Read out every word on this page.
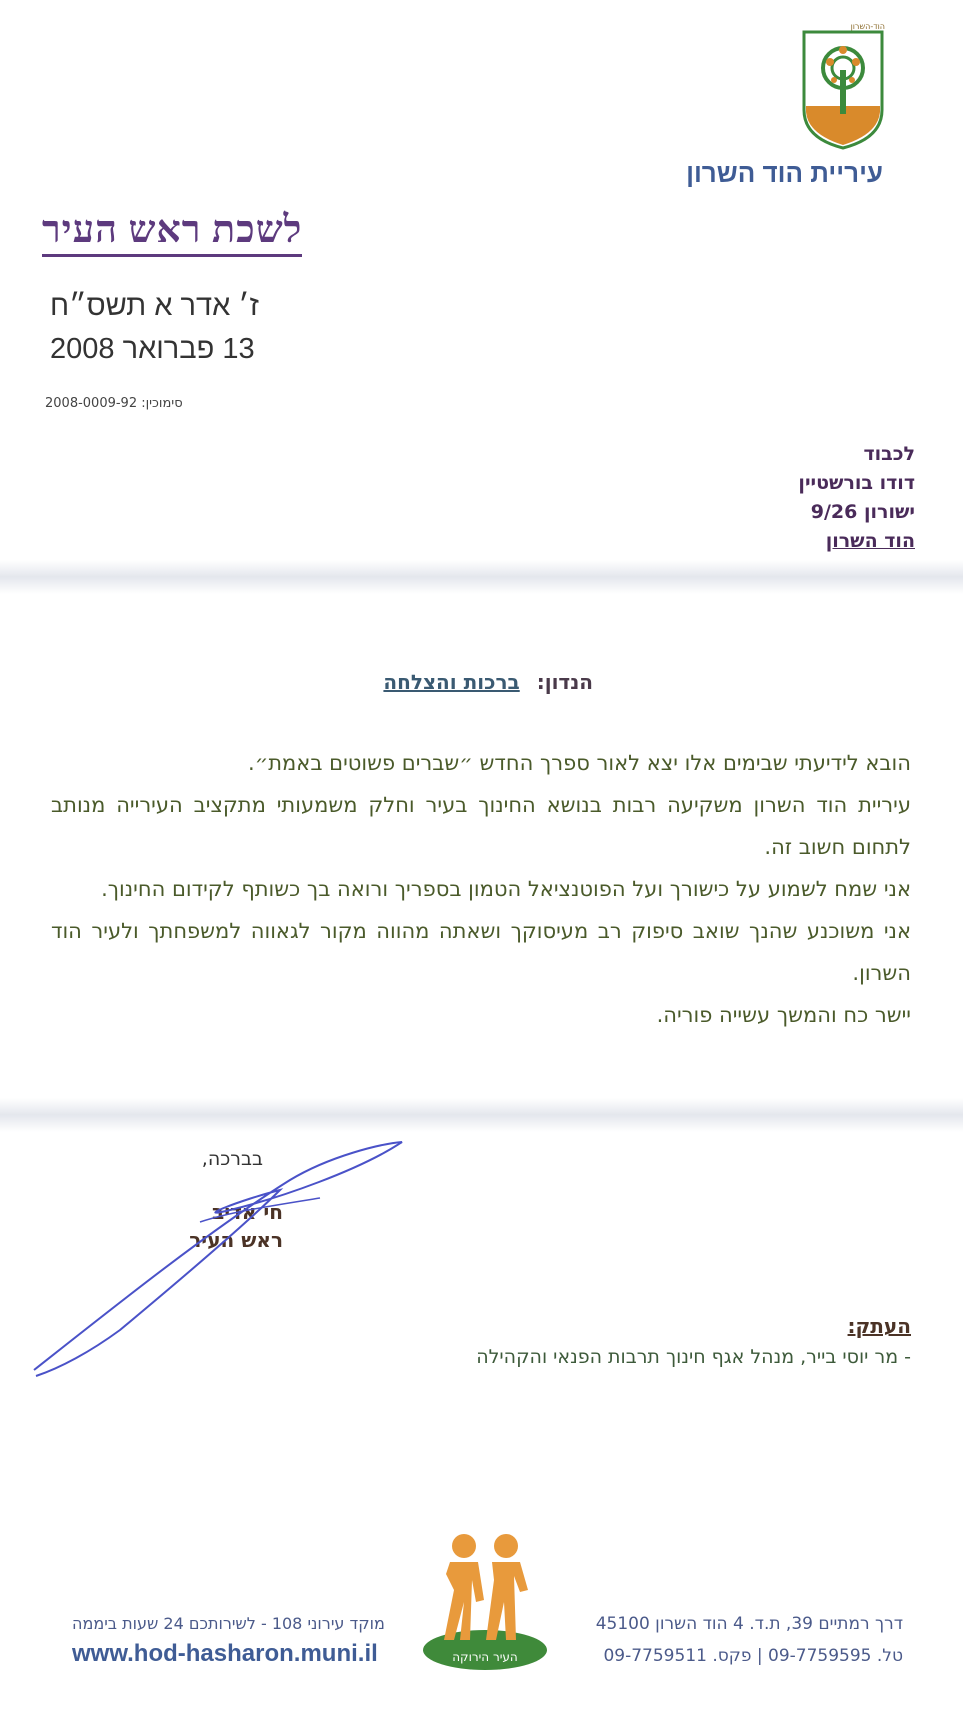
הוד-השרון
עיריית הוד השרון
לשכת ראש העיר
ז׳ אדר א תשס״ח
13 פברואר 2008
סימוכין: 2008-0009-92
לכבוד
דודו בורשטיין
ישורון 9/26
הוד השרון
הנדון: ברכות והצלחה

הובא לידיעתי שבימים אלו יצא לאור ספרך החדש ״שברים פשוטים באמת״.

עיריית הוד השרון משקיעה רבות בנושא החינוך בעיר וחלק משמעותי מתקציב העירייה מנותב לתחום חשוב זה.

אני שמח לשמוע על כישורך ועל הפוטנציאל הטמון בספריך ורואה בך כשותף לקידום החינוך.

אני משוכנע שהנך שואב סיפוק רב מעיסוקך ושאתה מהווה מקור לגאווה למשפחתך ולעיר הוד השרון.

יישר כח והמשך עשייה פוריה.

בברכה,
חי אדיב
ראש העיר
העתק:
- מר יוסי בייר, מנהל אגף חינוך תרבות הפנאי והקהילה
העיר הירוקה
דרך רמתיים 39, ת.ד. 4 הוד השרון 45100
טל. 09-7759595 | פקס. 09-7759511
מוקד עירוני 108 - לשירותכם 24 שעות ביממה
www.hod-hasharon.muni.il
